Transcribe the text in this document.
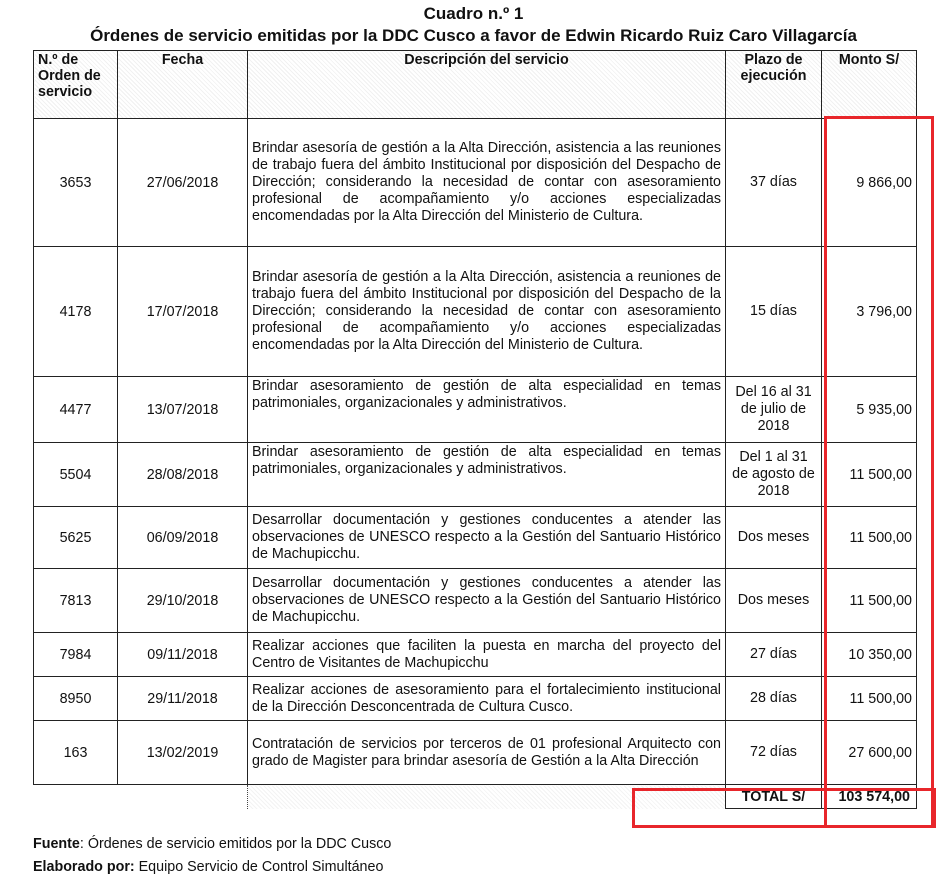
Cuadro n.º 1
Órdenes de servicio emitidas por la DDC Cusco a favor de Edwin Ricardo Ruiz Caro Villagarcía
N.º de Orden de servicio	Fecha	Descripción del servicio	Plazo de ejecución	Monto S/
3653	27/06/2018	Brindar asesoría de gestión a la Alta Dirección, asistencia a las reuniones de trabajo fuera del ámbito Institucional por disposición del Despacho de Dirección; considerando la necesidad de contar con asesoramiento profesional de acompañamiento y/o acciones especializadas encomendadas por la Alta Dirección del Ministerio de Cultura.	37 días	9 866,00
4178	17/07/2018	Brindar asesoría de gestión a la Alta Dirección, asistencia a reuniones de trabajo fuera del ámbito Institucional por disposición del Despacho de la Dirección; considerando la necesidad de contar con asesoramiento profesional de acompañamiento y/o acciones especializadas encomendadas por la Alta Dirección del Ministerio de Cultura.	15 días	3 796,00
4477	13/07/2018	Brindar asesoramiento de gestión de alta especialidad en temas patrimoniales, organizacionales y administrativos.	Del 16 al 31 de julio de 2018	5 935,00
5504	28/08/2018	Brindar asesoramiento de gestión de alta especialidad en temas patrimoniales, organizacionales y administrativos.	Del 1 al 31 de agosto de 2018	11 500,00
5625	06/09/2018	Desarrollar documentación y gestiones conducentes a atender las observaciones de UNESCO respecto a la Gestión del Santuario Histórico de Machupicchu.	Dos meses	11 500,00
7813	29/10/2018	Desarrollar documentación y gestiones conducentes a atender las observaciones de UNESCO respecto a la Gestión del Santuario Histórico de Machupicchu.	Dos meses	11 500,00
7984	09/11/2018	Realizar acciones que faciliten la puesta en marcha del proyecto del Centro de Visitantes de Machupicchu	27 días	10 350,00
8950	29/11/2018	Realizar acciones de asesoramiento para el fortalecimiento institucional de la Dirección Desconcentrada de Cultura Cusco.	28 días	11 500,00
163	13/02/2019	Contratación de servicios por terceros de 01 profesional Arquitecto con grado de Magister para brindar asesoría de Gestión a la Alta Dirección	72 días	27 600,00
			TOTAL S/	103 574,00
Fuente: Órdenes de servicio emitidos por la DDC Cusco
Elaborado por: Equipo Servicio de Control Simultáneo
